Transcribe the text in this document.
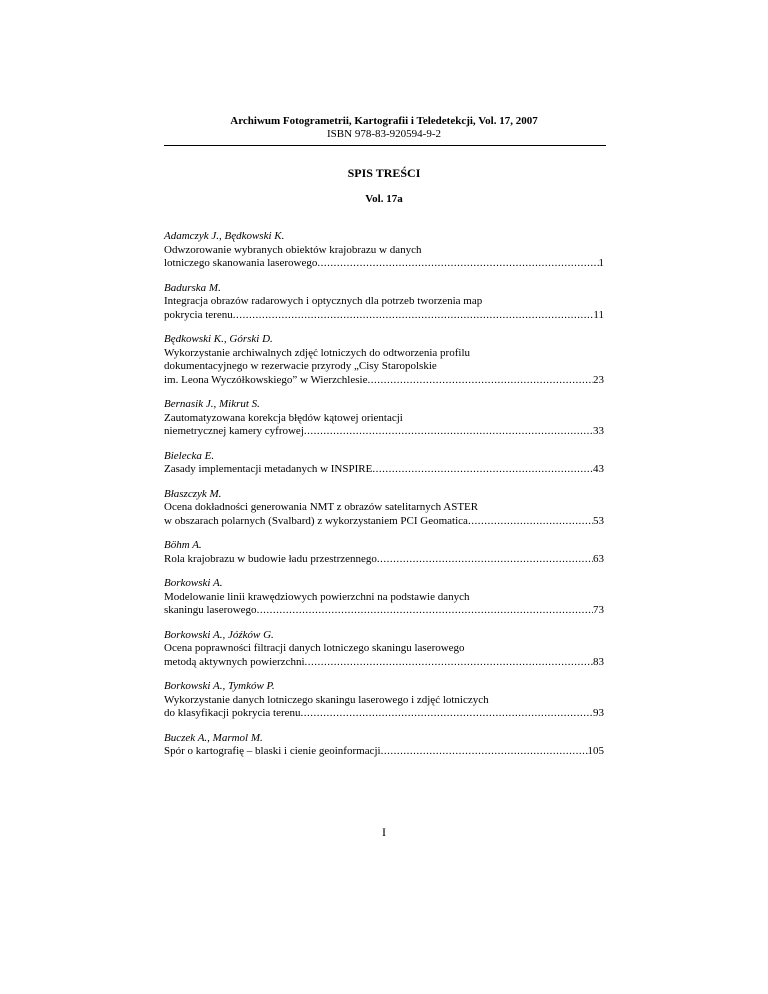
Archiwum Fotogrametrii, Kartografii i Teledetekcji, Vol. 17, 2007
ISBN 978-83-920594-9-2
SPIS TREŚCI
Vol. 17a
Adamczyk J., Będkowski K.
Odwzorowanie wybranych obiektów krajobrazu w danych
lotniczego skanowania laserowego .....	1
Badurska M.
Integracja obrazów radarowych i optycznych dla potrzeb tworzenia map
pokrycia terenu .....	11
Będkowski K., Górski D.
Wykorzystanie archiwalnych zdjęć lotniczych do odtworzenia profilu
dokumentacyjnego w rezerwacie przyrody „Cisy Staropolskie
im. Leona Wyczółkowskiego” w Wierzchlesie .....	23
Bernasik J., Mikrut S.
Zautomatyzowana korekcja błędów kątowej orientacji
niemetrycznej kamery cyfrowej .....	33
Bielecka E.
Zasady implementacji metadanych w INSPIRE .....	43
Błaszczyk M.
Ocena dokładności generowania NMT z obrazów satelitarnych ASTER
w obszarach polarnych (Svalbard) z wykorzystaniem PCI Geomatica .....	53
Böhm A.
Rola krajobrazu w budowie ładu przestrzennego .....	63
Borkowski A.
Modelowanie linii krawędziowych powierzchni na podstawie danych
skaningu laserowego .....	73
Borkowski A., Jóźków G.
Ocena poprawności filtracji danych lotniczego skaningu laserowego
metodą aktywnych powierzchni .....	83
Borkowski A., Tymków P.
Wykorzystanie danych lotniczego skaningu laserowego i zdjęć lotniczych
do klasyfikacji pokrycia terenu .....	93
Buczek A., Marmol M.
Spór o kartografię – blaski i cienie geoinformacji .....	105
I
